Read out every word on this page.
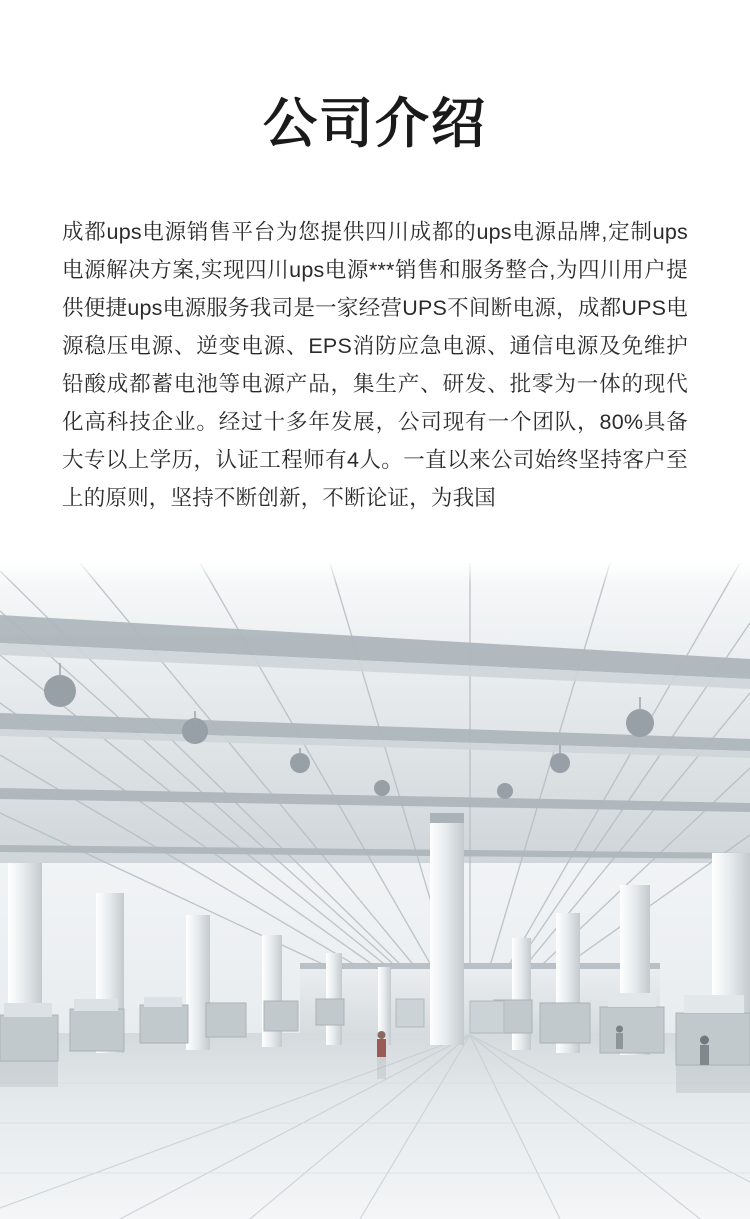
公司介绍

成都ups电源销售平台为您提供四川成都的ups电源品牌,定制ups电源解决方案,实现四川ups电源***销售和服务整合,为四川用户提供便捷ups电源服务我司是一家经营UPS不间断电源，成都UPS电源稳压电源、逆变电源、EPS消防应急电源、通信电源及免维护铅酸成都蓄电池等电源产品，集生产、研发、批零为一体的现代化高科技企业。经过十多年发展，公司现有一个团队，80%具备大专以上学历，认证工程师有4人。一直以来公司始终坚持客户至上的原则，坚持不断创新，不断论证，为我国
